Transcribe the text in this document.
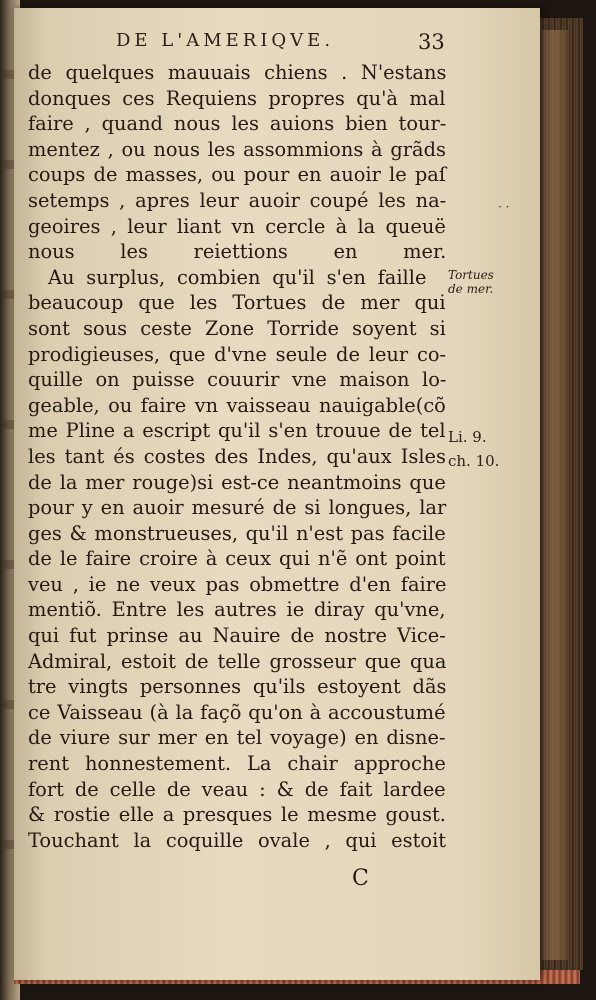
DE L'AMERIQVE.	33
de quelques mauuais chiens . N'estans
donques ces Requiens propres qu'à mal
faire , quand nous les auions bien tour-
mentez , ou nous les assommions à grãds
coups de masses, ou pour en auoir le paſ
setemps , apres leur auoir coupé les na-
geoires , leur liant vn cercle à la queuë
nous les reiettions en mer.
Au surplus, combien qu'il s'en faille
beaucoup que les Tortues de mer qui
sont sous ceste Zone Torride soyent si
prodigieuses, que d'vne seule de leur co-
quille on puisse couurir vne maison lo-
geable, ou faire vn vaisseau nauigable(cõ
me Pline a escript qu'il s'en trouue de tel
les tant és costes des Indes, qu'aux Isles
de la mer rouge)si est-ce neantmoins que
pour y en auoir mesuré de si longues, lar
ges & monstrueuses, qu'il n'est pas facile
de le faire croire à ceux qui n'ẽ ont point
veu , ie ne veux pas obmettre d'en faire
mentiõ. Entre les autres ie diray qu'vne,
qui fut prinse au Nauire de nostre Vice-
Admiral, estoit de telle grosseur que qua
tre vingts personnes qu'ils estoyent dãs
ce Vaisseau (à la façõ qu'on à accoustumé
de viure sur mer en tel voyage) en disne-
rent honnestement. La chair approche
fort de celle de veau : & de fait lardee
& rostie elle a presques le mesme goust.
Touchant la coquille ovale , qui estoit
Tortues
de mer.
Li. 9.
ch. 10.
· ·
C
